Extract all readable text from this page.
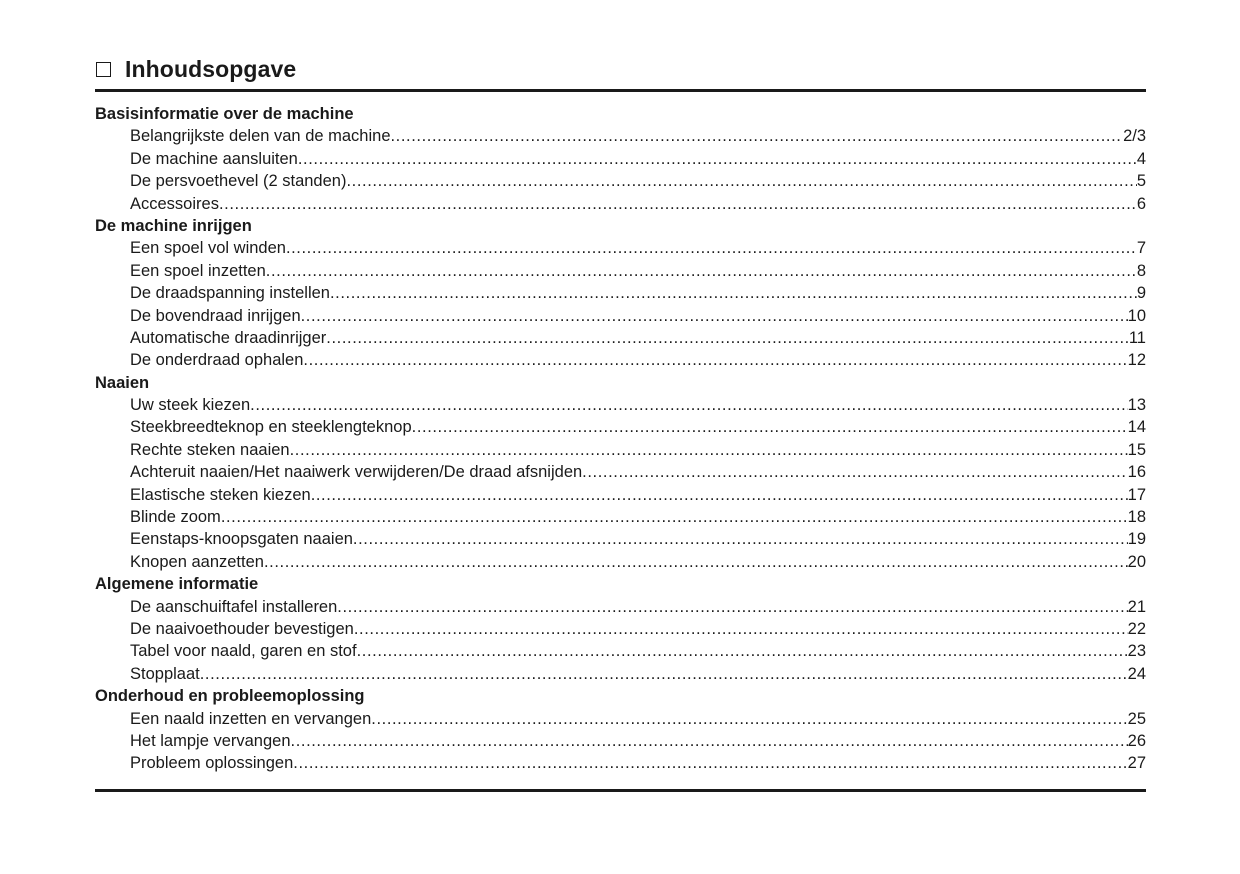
Inhoudsopgave
Basisinformatie over de machine
Belangrijkste delen van de machine .....	2/3
De machine aansluiten .....	4
De persvoethevel (2 standen) .....	5
Accessoires .....	6
De machine inrijgen
Een spoel vol winden .....	7
Een spoel inzetten .....	8
De draadspanning instellen .....	9
De bovendraad inrijgen .....	10
Automatische draadinrijger .....	11
De onderdraad ophalen .....	12
Naaien
Uw steek kiezen .....	13
Steekbreedteknop en steeklengteknop .....	14
Rechte steken naaien .....	15
Achteruit naaien/Het naaiwerk verwijderen/De draad afsnijden .....	16
Elastische steken kiezen .....	17
Blinde zoom .....	18
Eenstaps-knoopsgaten naaien .....	19
Knopen aanzetten .....	20
Algemene informatie
De aanschuiftafel installeren .....	21
De naaivoethouder bevestigen .....	22
Tabel voor naald, garen en stof .....	23
Stopplaat .....	24
Onderhoud en probleemoplossing
Een naald inzetten en vervangen .....	25
Het lampje vervangen .....	26
Probleem oplossingen .....	27
